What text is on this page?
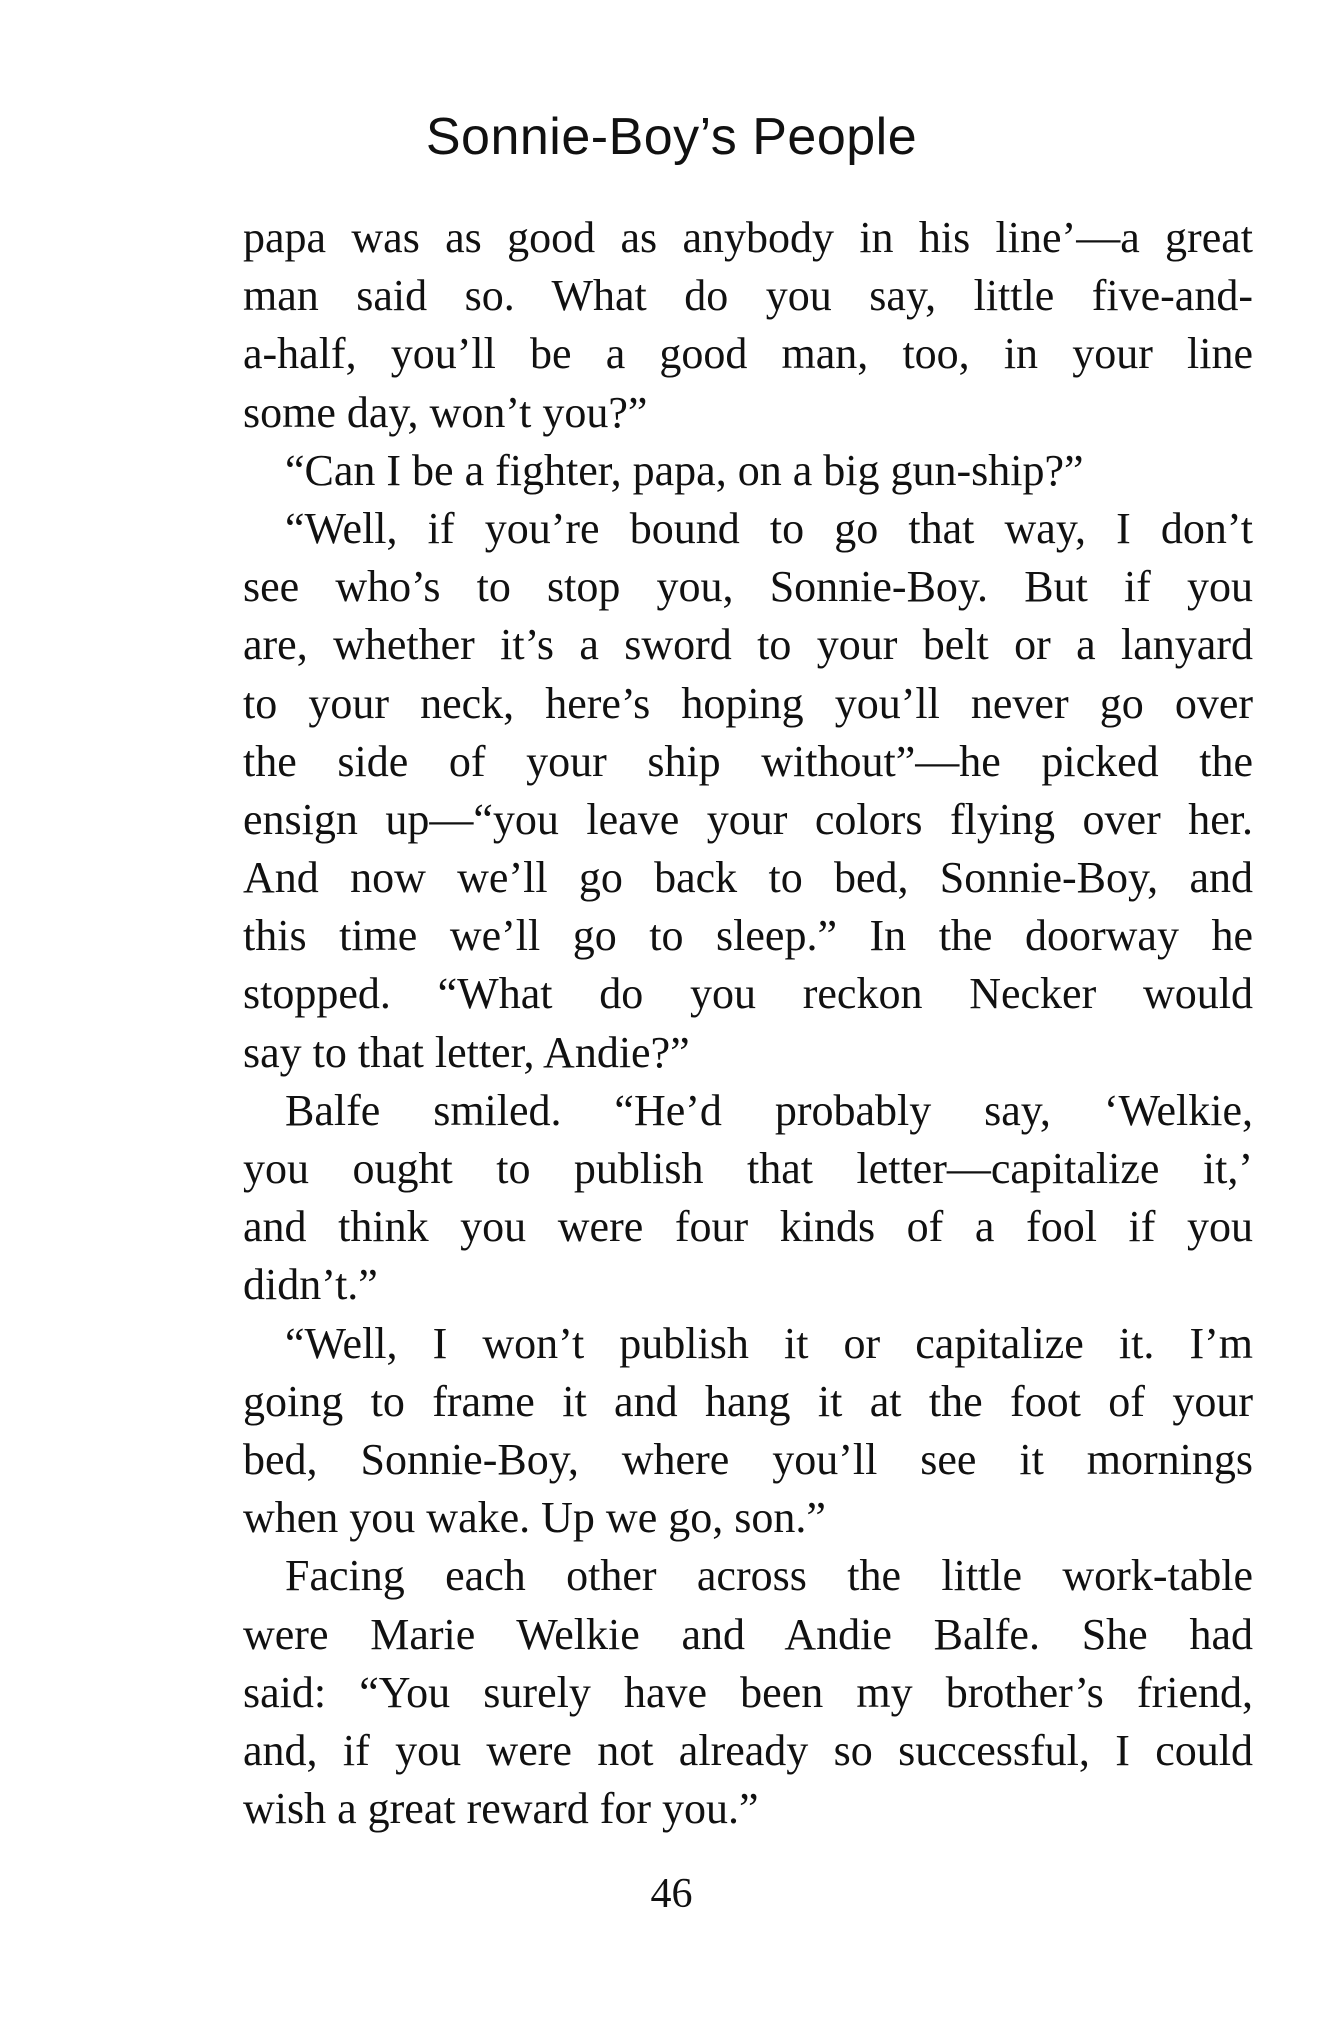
Sonnie-Boy’s People
papa was as good as anybody in his line’—a great
man said so. What do you say, little five-and-
a-half, you’ll be a good man, too, in your line
some day, won’t you?”
“Can I be a fighter, papa, on a big gun-ship?”
“Well, if you’re bound to go that way, I don’t
see who’s to stop you, Sonnie-Boy. But if you
are, whether it’s a sword to your belt or a lanyard
to your neck, here’s hoping you’ll never go over
the side of your ship without”—he picked the
ensign up—“you leave your colors flying over her.
And now we’ll go back to bed, Sonnie-Boy, and
this time we’ll go to sleep.” In the doorway he
stopped. “What do you reckon Necker would
say to that letter, Andie?”
Balfe smiled. “He’d probably say, ‘Welkie,
you ought to publish that letter—capitalize it,’
and think you were four kinds of a fool if you
didn’t.”
“Well, I won’t publish it or capitalize it. I’m
going to frame it and hang it at the foot of your
bed, Sonnie-Boy, where you’ll see it mornings
when you wake. Up we go, son.”
Facing each other across the little work-table
were Marie Welkie and Andie Balfe. She had
said: “You surely have been my brother’s friend,
and, if you were not already so successful, I could
wish a great reward for you.”
46
